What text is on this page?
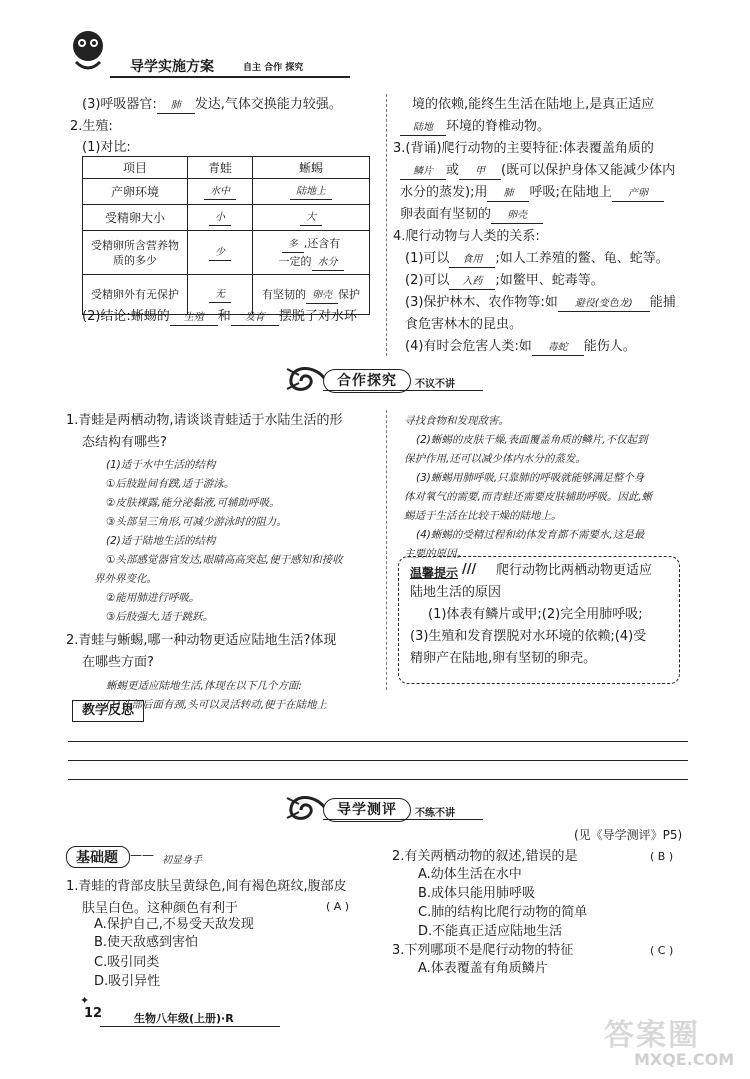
导学实施方案	自主 合作 探究
(3)呼吸器官: 肺 发达,气体交换能力较强。
2.生殖:
(1)对比:
项目	青蛙	蜥蜴
产卵环境	水中	陆地上
受精卵大小	小	大
受精卵所含营养物质的多少	少	多 ,还含有
一定的 水分
受精卵外有无保护	无	有坚韧的 卵壳 保护
(2)结论:蜥蜴的 生殖 和 发育 摆脱了对水环
境的依赖,能终生生活在陆地上,是真正适应
陆地 环境的脊椎动物。
3.(背诵)爬行动物的主要特征:体表覆盖角质的
鳞片 或 甲 (既可以保护身体又能减少体内
水分的蒸发);用 肺 呼吸;在陆地上 产卵
卵表面有坚韧的 卵壳
4.爬行动物与人类的关系:
(1)可以 食用 ;如人工养殖的鳖、龟、蛇等。
(2)可以 入药 ;如鳖甲、蛇毒等。
(3)保护林木、农作物等:如 避役(变色龙) 能捕
食危害林木的昆虫。
(4)有时会危害人类:如 毒蛇 能伤人。
合作探究	不议不讲
1.青蛙是两栖动物,请谈谈青蛙适于水陆生活的形
态结构有哪些?
(1)适于水中生活的结构
①后肢趾间有蹼,适于游泳。
②皮肤裸露,能分泌黏液,可辅助呼吸。
③头部呈三角形,可减少游泳时的阻力。
(2)适于陆地生活的结构
①头部感觉器官发达,眼睛高高突起,便于感知和接收
界外界变化。
②能用肺进行呼吸。
③后肢强大,适于跳跃。
2.青蛙与蜥蜴,哪一种动物更适应陆地生活?体现
在哪些方面?
蜥蜴更适应陆地生活,体现在以下几个方面:
(1)头部后面有颈,头可以灵活转动,便于在陆地上
寻找食物和发现敌害。
(2)蜥蜴的皮肤干燥,表面覆盖角质的鳞片,不仅起到
保护作用,还可以减少体内水分的蒸发。
(3)蜥蜴用肺呼吸,只靠肺的呼吸就能够满足整个身
体对氧气的需要,而青蛙还需要皮肤辅助呼吸。因此,蜥
蜴适于生活在比较干燥的陆地上。
(4)蜥蜴的受精过程和幼体发育都不需要水,这是最
主要的原因。
温馨提示 /// 爬行动物比两栖动物更适应
陆地生活的原因
(1)体表有鳞片或甲;(2)完全用肺呼吸;
(3)生殖和发育摆脱对水环境的依赖;(4)受
精卵产在陆地,卵有坚韧的卵壳。
教学反思
导学测评	不练不讲
(见《导学测评》P5)
基础题 —— 初显身手
1.青蛙的背部皮肤呈黄绿色,间有褐色斑纹,腹部皮
肤呈白色。这种颜色有利于	( A )
A.保护自己,不易受天敌发现
B.使天敌感到害怕
C.吸引同类
D.吸引异性
2.有关两栖动物的叙述,错误的是	( B )
A.幼体生活在水中
B.成体只能用肺呼吸
C.肺的结构比爬行动物的简单
D.不能真正适应陆地生活
3.下列哪项不是爬行动物的特征	( C )
A.体表覆盖有角质鳞片
12
✦
生物八年级(上册)·R	答案圈
MXQE.COM
